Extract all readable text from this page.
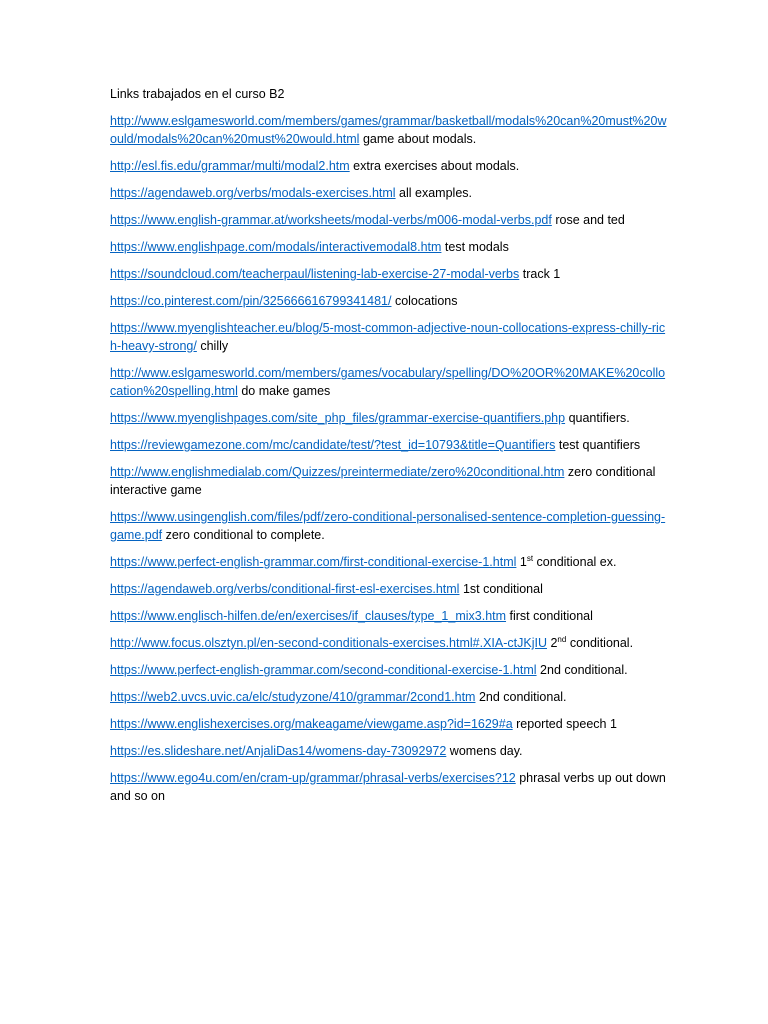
Links trabajados en el curso B2
http://www.eslgamesworld.com/members/games/grammar/basketball/modals%20can%20must%20would/modals%20can%20must%20would.html game about modals.
http://esl.fis.edu/grammar/multi/modal2.htm extra exercises about modals.
https://agendaweb.org/verbs/modals-exercises.html all examples.
https://www.english-grammar.at/worksheets/modal-verbs/m006-modal-verbs.pdf rose and ted
https://www.englishpage.com/modals/interactivemodal8.htm test modals
https://soundcloud.com/teacherpaul/listening-lab-exercise-27-modal-verbs track 1
https://co.pinterest.com/pin/325666616799341481/ colocations
https://www.myenglishteacher.eu/blog/5-most-common-adjective-noun-collocations-express-chilly-rich-heavy-strong/ chilly
http://www.eslgamesworld.com/members/games/vocabulary/spelling/DO%20OR%20MAKE%20collocation%20spelling.html do make games
https://www.myenglishpages.com/site_php_files/grammar-exercise-quantifiers.php quantifiers.
https://reviewgamezone.com/mc/candidate/test/?test_id=10793&title=Quantifiers test quantifiers
http://www.englishmedialab.com/Quizzes/preintermediate/zero%20conditional.htm zero conditional interactive game
https://www.usingenglish.com/files/pdf/zero-conditional-personalised-sentence-completion-guessing-game.pdf zero conditional to complete.
https://www.perfect-english-grammar.com/first-conditional-exercise-1.html 1st conditional ex.
https://agendaweb.org/verbs/conditional-first-esl-exercises.html 1st conditional
https://www.englisch-hilfen.de/en/exercises/if_clauses/type_1_mix3.htm first conditional
http://www.focus.olsztyn.pl/en-second-conditionals-exercises.html#.XIA-ctJKjIU 2nd conditional.
https://www.perfect-english-grammar.com/second-conditional-exercise-1.html 2nd conditional.
https://web2.uvcs.uvic.ca/elc/studyzone/410/grammar/2cond1.htm 2nd conditional.
https://www.englishexercises.org/makeagame/viewgame.asp?id=1629#a reported speech 1
https://es.slideshare.net/AnjaliDas14/womens-day-73092972 womens day.
https://www.ego4u.com/en/cram-up/grammar/phrasal-verbs/exercises?12 phrasal verbs up out down and so on
